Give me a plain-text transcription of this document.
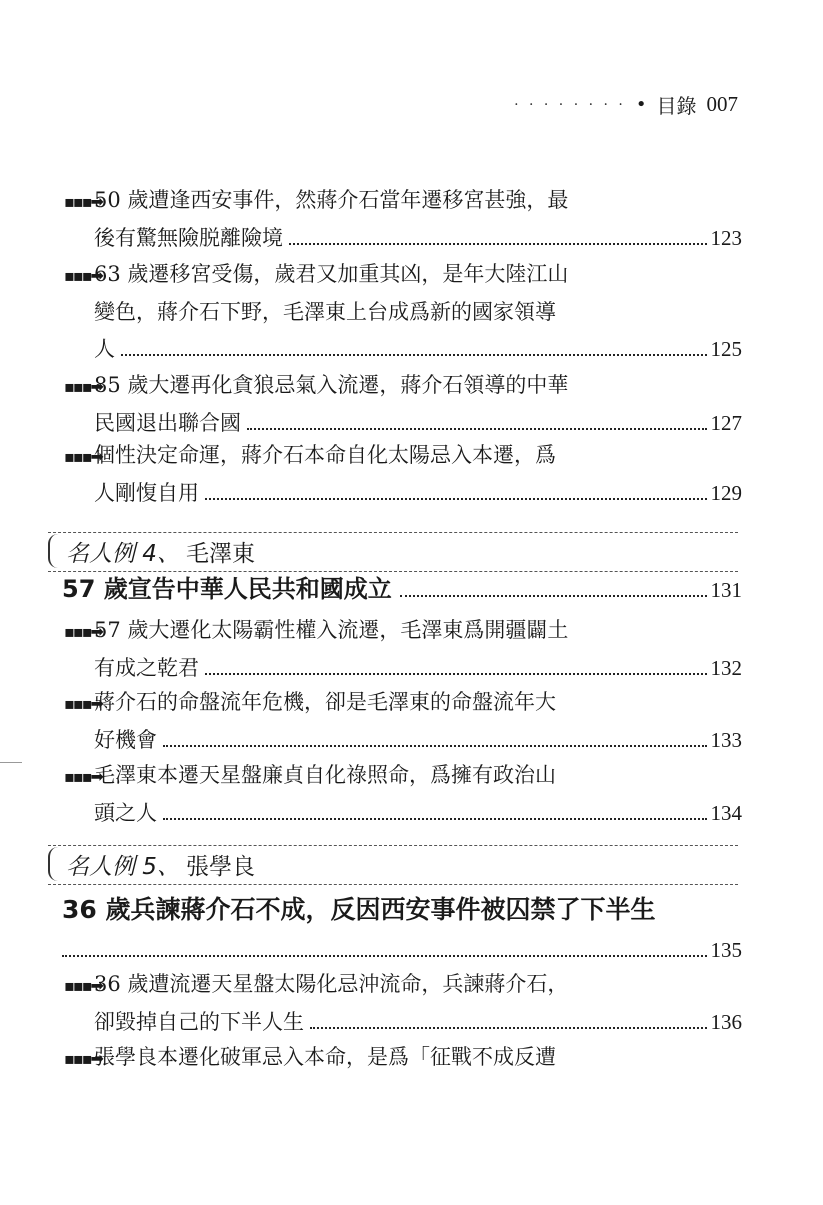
· · · · · · · · • 目錄 007
▪▪▪➡
50 歲遭逢西安事件，然蔣介石當年遷移宮甚強，最
後有驚無險脱離險境	123
▪▪▪➡
63 歲遷移宮受傷，歲君又加重其凶，是年大陸江山
變色，蔣介石下野，毛澤東上台成爲新的國家領導
人	125
▪▪▪➡
85 歲大遷再化貪狼忌氣入流遷，蔣介石領導的中華
民國退出聯合國	127
▪▪▪➡
個性決定命運，蔣介石本命自化太陽忌入本遷，爲
人剛愎自用	129
名人例 4、 毛澤東
57 歲宣告中華人民共和國成立	131
▪▪▪➡
57 歲大遷化太陽霸性權入流遷，毛澤東爲開疆闢土
有成之乾君	132
▪▪▪➡
蔣介石的命盤流年危機，卻是毛澤東的命盤流年大
好機會	133
▪▪▪➡
毛澤東本遷天星盤廉貞自化祿照命，爲擁有政治山
頭之人	134
名人例 5、 張學良
36 歲兵諫蔣介石不成，反因西安事件被囚禁了下半生
135
▪▪▪➡
36 歲遭流遷天星盤太陽化忌沖流命，兵諫蔣介石，
卻毀掉自己的下半人生	136
▪▪▪➡
張學良本遷化破軍忌入本命，是爲「征戰不成反遭
